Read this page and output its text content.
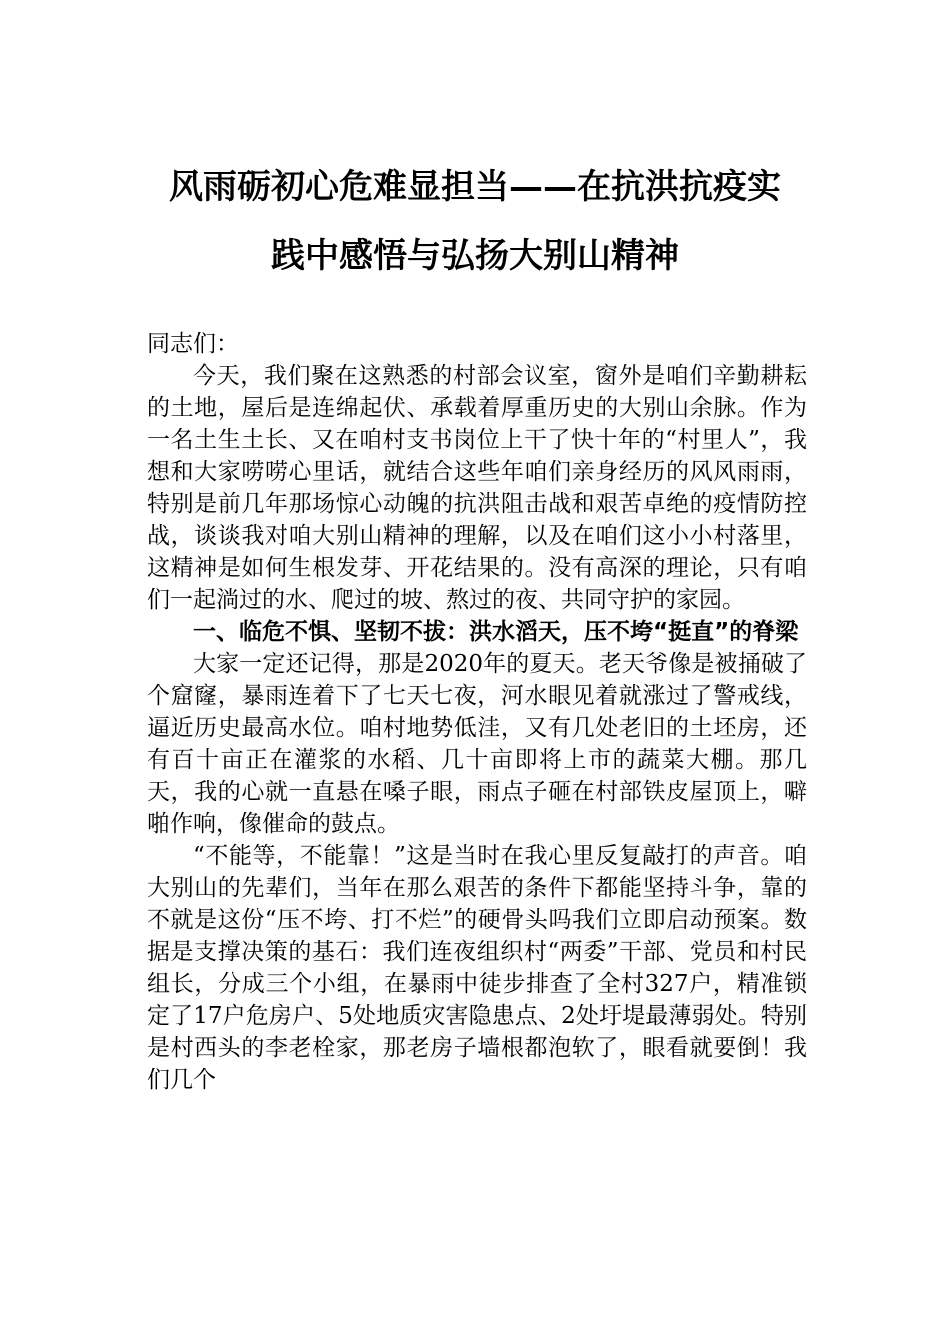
风雨砺初心危难显担当——在抗洪抗疫实
践中感悟与弘扬大别山精神

同志们：

今天，我们聚在这熟悉的村部会议室，窗外是咱们辛勤耕耘的土地，屋后是连绵起伏、承载着厚重历史的大别山余脉。作为一名土生土长、又在咱村支书岗位上干了快十年的“村里人”，我想和大家唠唠心里话，就结合这些年咱们亲身经历的风风雨雨，特别是前几年那场惊心动魄的抗洪阻击战和艰苦卓绝的疫情防控战，谈谈我对咱大别山精神的理解，以及在咱们这小小村落里，这精神是如何生根发芽、开花结果的。没有高深的理论，只有咱们一起淌过的水、爬过的坡、熬过的夜、共同守护的家园。

一、临危不惧、坚韧不拔：洪水滔天，压不垮“挺直”的脊梁

大家一定还记得，那是2020年的夏天。老天爷像是被捅破了个窟窿，暴雨连着下了七天七夜，河水眼见着就涨过了警戒线，逼近历史最高水位。咱村地势低洼，又有几处老旧的土坯房，还有百十亩正在灌浆的水稻、几十亩即将上市的蔬菜大棚。那几天，我的心就一直悬在嗓子眼，雨点子砸在村部铁皮屋顶上，噼啪作响，像催命的鼓点。

“不能等，不能靠！”这是当时在我心里反复敲打的声音。咱大别山的先辈们，当年在那么艰苦的条件下都能坚持斗争，靠的不就是这份“压不垮、打不烂”的硬骨头吗我们立即启动预案。数据是支撑决策的基石：我们连夜组织村“两委”干部、党员和村民组长，分成三个小组，在暴雨中徒步排查了全村327户，精准锁定了17户危房户、5处地质灾害隐患点、2处圩堤最薄弱处。特别是村西头的李老栓家，那老房子墙根都泡软了，眼看就要倒！我们几个
